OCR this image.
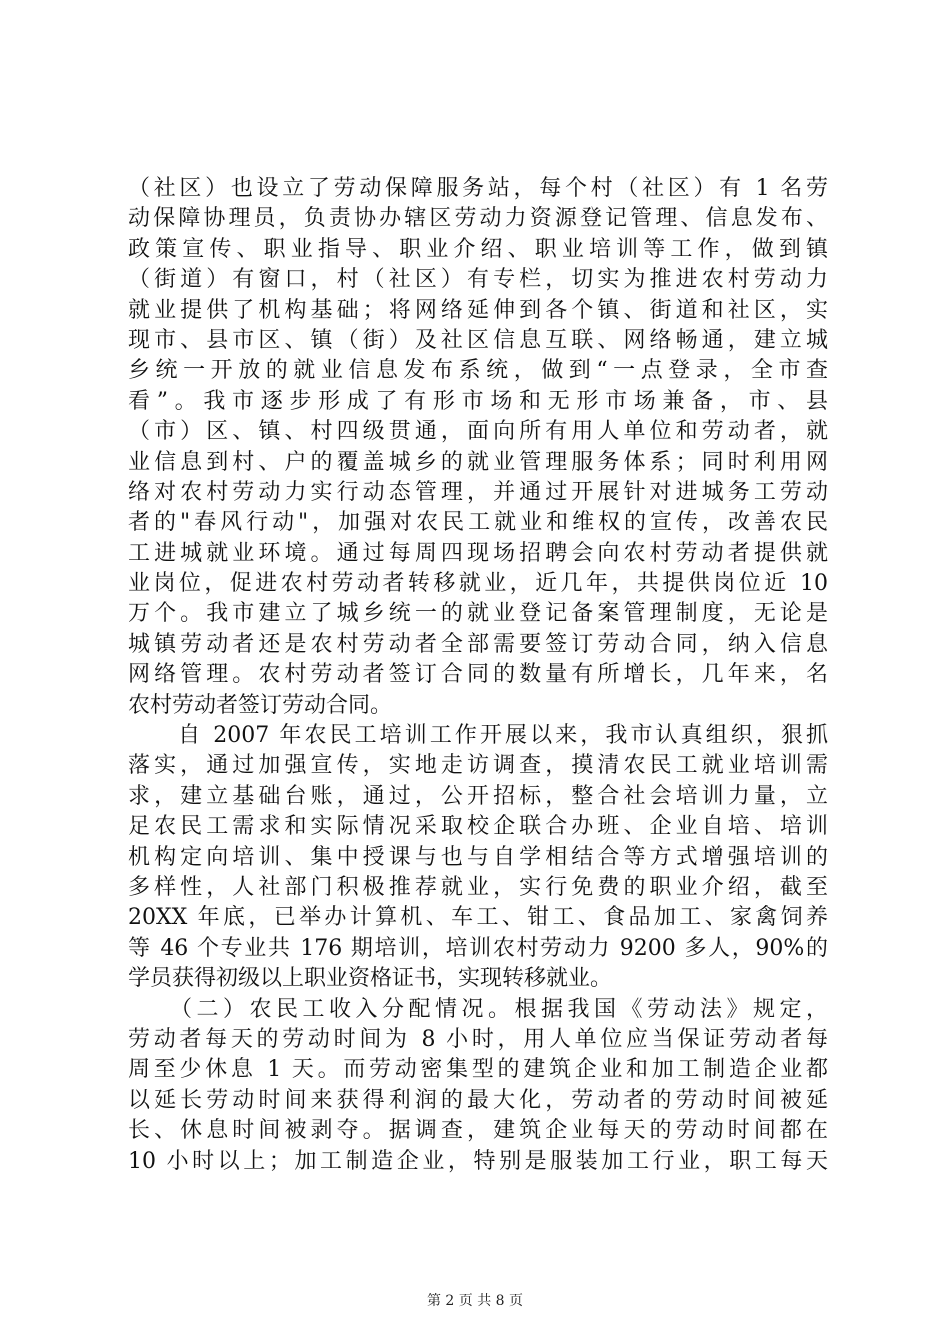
（社区）也设立了劳动保障服务站，每个村（社区）有 1 名劳
动保障协理员，负责协办辖区劳动力资源登记管理、信息发布、
政策宣传、职业指导、职业介绍、职业培训等工作，做到镇
（街道）有窗口，村（社区）有专栏，切实为推进农村劳动力
就业提供了机构基础；将网络延伸到各个镇、街道和社区，实
现市、县市区、镇（街）及社区信息互联、网络畅通，建立城
乡统一开放的就业信息发布系统，做到“一点登录，全市查
看”。我市逐步形成了有形市场和无形市场兼备，市、县
（市）区、镇、村四级贯通，面向所有用人单位和劳动者，就
业信息到村、户的覆盖城乡的就业管理服务体系；同时利用网
络对农村劳动力实行动态管理，并通过开展针对进城务工劳动
者的"春风行动"，加强对农民工就业和维权的宣传，改善农民
工进城就业环境。通过每周四现场招聘会向农村劳动者提供就
业岗位，促进农村劳动者转移就业，近几年，共提供岗位近 10
万个。我市建立了城乡统一的就业登记备案管理制度，无论是
城镇劳动者还是农村劳动者全部需要签订劳动合同，纳入信息
网络管理。农村劳动者签订合同的数量有所增长，几年来，名
农村劳动者签订劳动合同。
　　自 2007 年农民工培训工作开展以来，我市认真组织，狠抓
落实，通过加强宣传，实地走访调查，摸清农民工就业培训需
求，建立基础台账，通过，公开招标，整合社会培训力量，立
足农民工需求和实际情况采取校企联合办班、企业自培、培训
机构定向培训、集中授课与也与自学相结合等方式增强培训的
多样性，人社部门积极推荐就业，实行免费的职业介绍，截至
20XX 年底，已举办计算机、车工、钳工、食品加工、家禽饲养
等 46 个专业共 176 期培训，培训农村劳动力 9200 多人，90%的
学员获得初级以上职业资格证书，实现转移就业。
　　（二）农民工收入分配情况。根据我国《劳动法》规定，
劳动者每天的劳动时间为 8 小时，用人单位应当保证劳动者每
周至少休息 1 天。而劳动密集型的建筑企业和加工制造企业都
以延长劳动时间来获得利润的最大化，劳动者的劳动时间被延
长、休息时间被剥夺。据调查，建筑企业每天的劳动时间都在
10 小时以上；加工制造企业，特别是服装加工行业，职工每天
第 2 页 共 8 页
